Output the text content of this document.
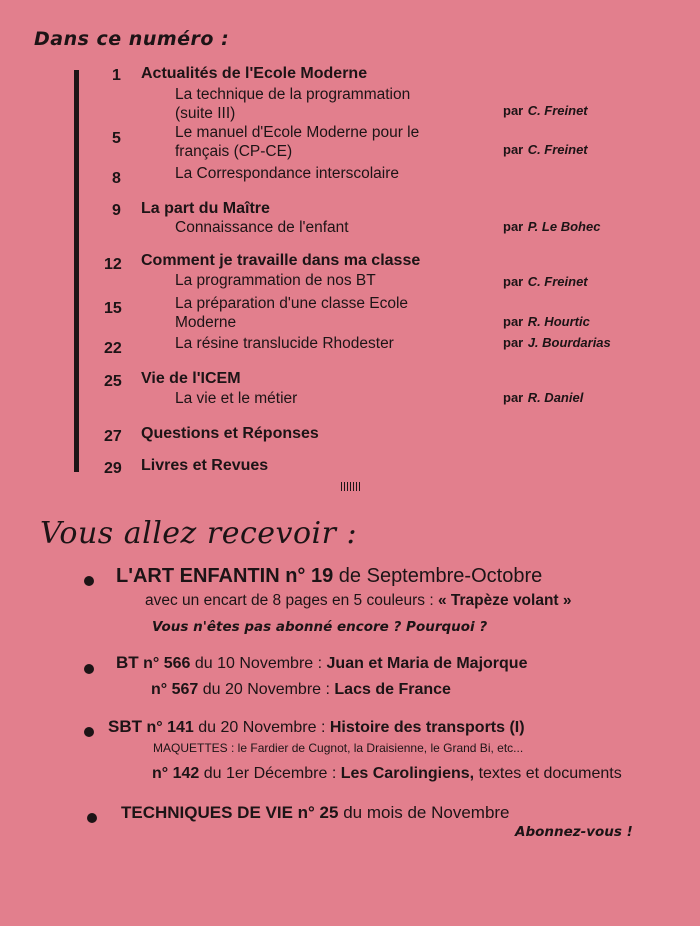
Dans ce numéro :
1 Actualités de l'Ecole Moderne
La technique de la programmation
(suite III)	par C. Freinet
5	Le manuel d'Ecole Moderne pour le
français (CP-CE)	par C. Freinet
8	La Correspondance interscolaire
9 La part du Maître
Connaissance de l'enfant	par P. Le Bohec
12 Comment je travaille dans ma classe
La programmation de nos BT	par C. Freinet
15	La préparation d'une classe Ecole
Moderne	par R. Hourtic
22	La résine translucide Rhodester	par J. Bourdarias
25 Vie de l'ICEM
La vie et le métier	par R. Daniel
27 Questions et Réponses
29 Livres et Revues
Vous allez recevoir :
L'ART ENFANTIN n° 19 de Septembre-Octobre
avec un encart de 8 pages en 5 couleurs : « Trapèze volant »
Vous n'êtes pas abonné encore ? Pourquoi ?
BT n° 566 du 10 Novembre : Juan et Maria de Majorque
n° 567 du 20 Novembre : Lacs de France
SBT n° 141 du 20 Novembre : Histoire des transports (I)
MAQUETTES : le Fardier de Cugnot, la Draisienne, le Grand Bi, etc...
n° 142 du 1er Décembre : Les Carolingiens, textes et documents
TECHNIQUES DE VIE n° 25 du mois de Novembre
Abonnez-vous !
